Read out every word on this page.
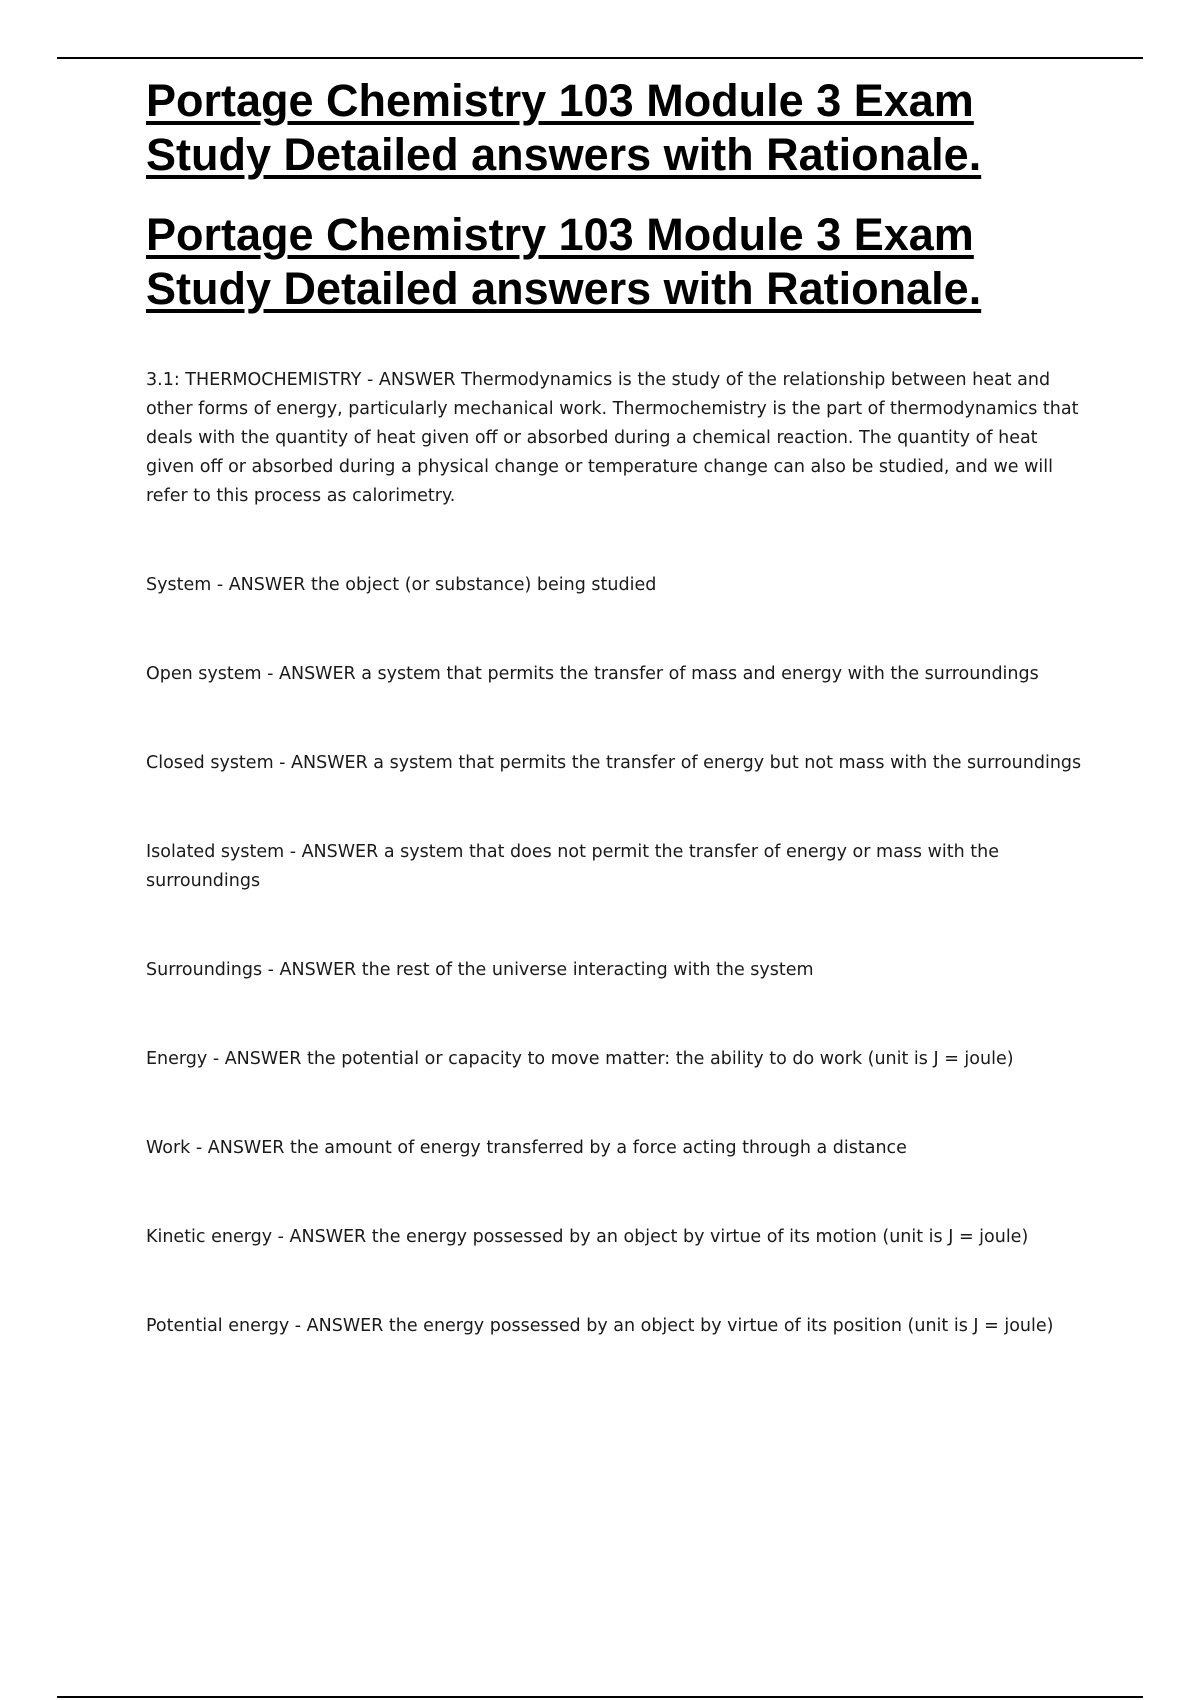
Portage Chemistry 103 Module 3 Exam Study Detailed answers with Rationale.
Portage Chemistry 103 Module 3 Exam Study Detailed answers with Rationale.

3.1: THERMOCHEMISTRY - ANSWER Thermodynamics is the study of the relationship between heat and other forms of energy, particularly mechanical work. Thermochemistry is the part of thermodynamics that deals with the quantity of heat given off or absorbed during a chemical reaction. The quantity of heat given off or absorbed during a physical change or temperature change can also be studied, and we will refer to this process as calorimetry.

System - ANSWER the object (or substance) being studied

Open system - ANSWER a system that permits the transfer of mass and energy with the surroundings

Closed system - ANSWER a system that permits the transfer of energy but not mass with the surroundings

Isolated system - ANSWER a system that does not permit the transfer of energy or mass with the surroundings

Surroundings - ANSWER the rest of the universe interacting with the system

Energy - ANSWER the potential or capacity to move matter: the ability to do work (unit is J = joule)

Work - ANSWER the amount of energy transferred by a force acting through a distance

Kinetic energy - ANSWER the energy possessed by an object by virtue of its motion (unit is J = joule)

Potential energy - ANSWER the energy possessed by an object by virtue of its position (unit is J = joule)
